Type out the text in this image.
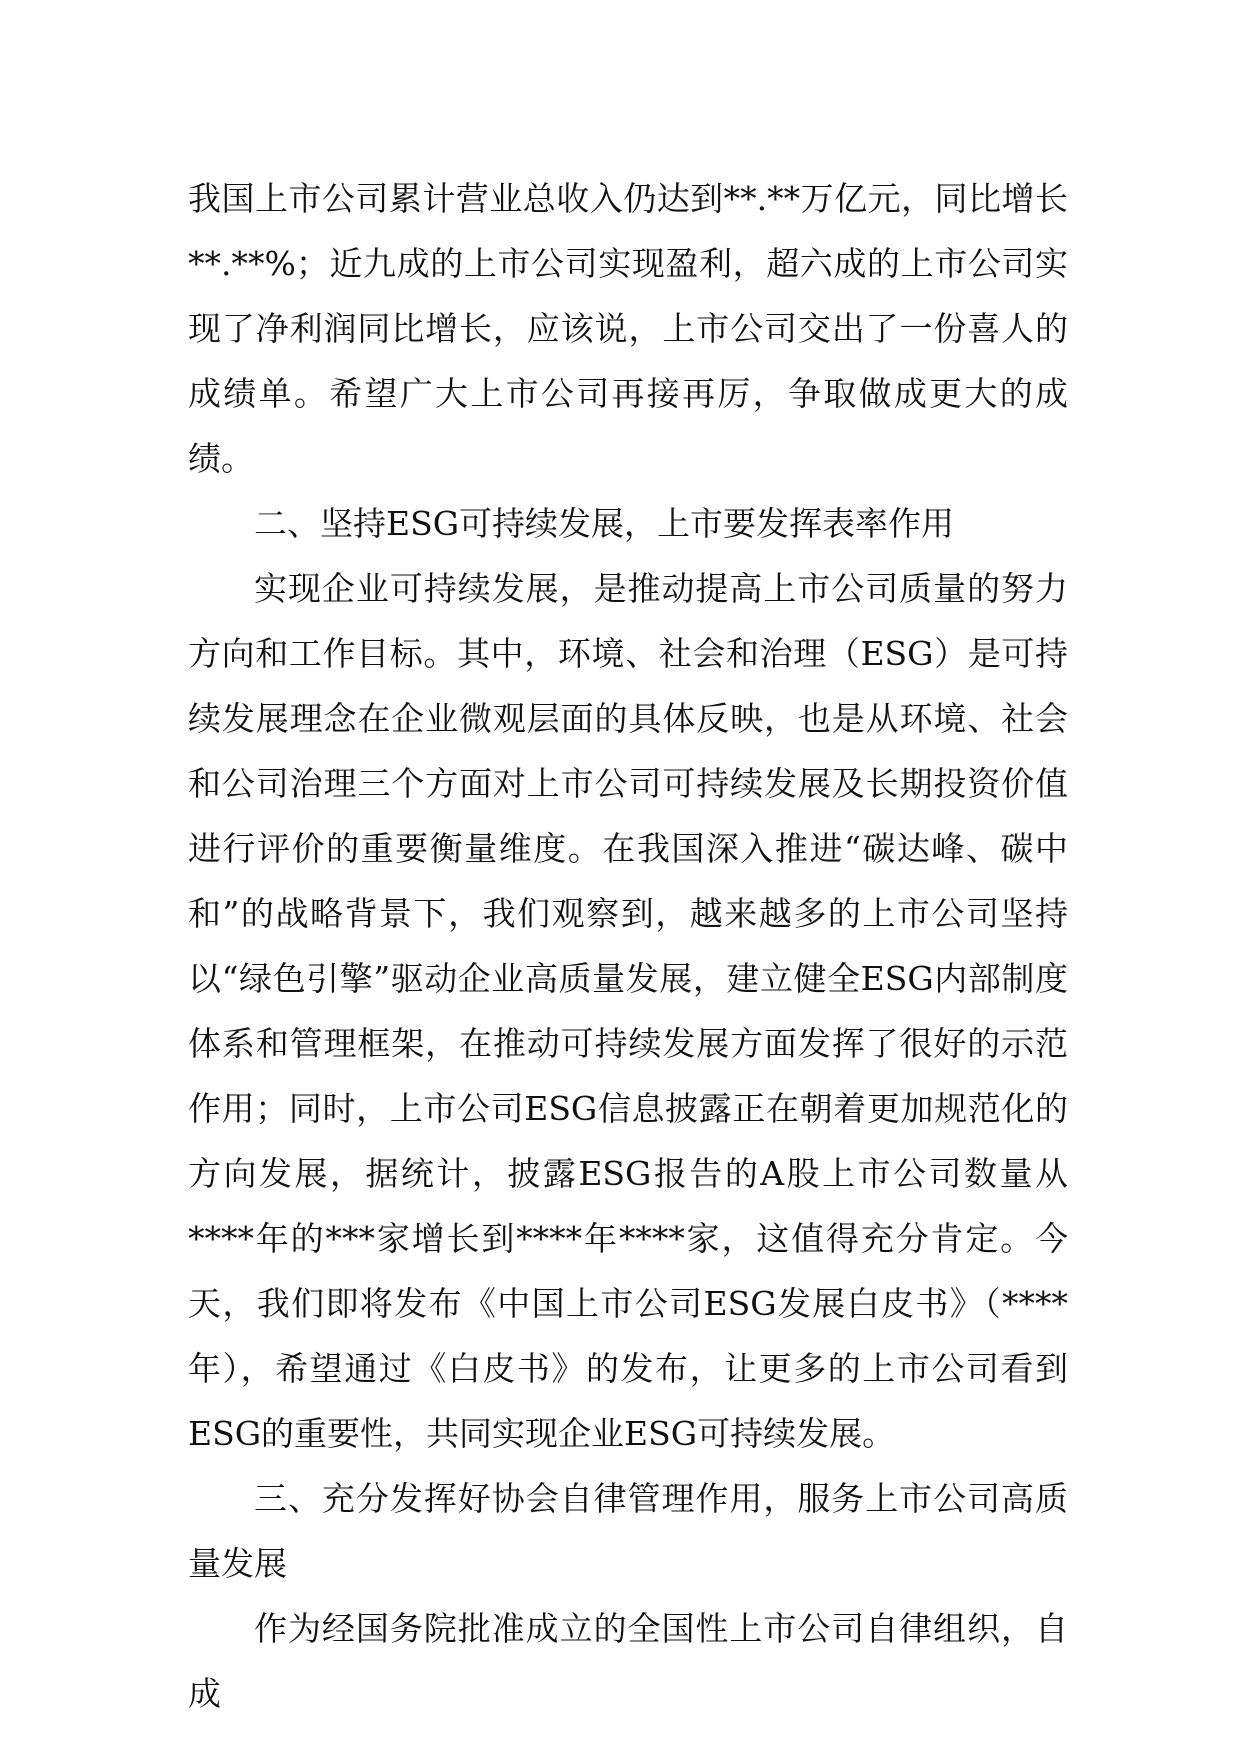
我国上市公司累计营业总收入仍达到**.**万亿元，同比增长**.**%；近九成的上市公司实现盈利，超六成的上市公司实现了净利润同比增长，应该说，上市公司交出了一份喜人的成绩单。希望广大上市公司再接再厉，争取做成更大的成绩。

二、坚持ESG可持续发展，上市要发挥表率作用

实现企业可持续发展，是推动提高上市公司质量的努力方向和工作目标。其中，环境、社会和治理（ESG）是可持续发展理念在企业微观层面的具体反映，也是从环境、社会和公司治理三个方面对上市公司可持续发展及长期投资价值进行评价的重要衡量维度。在我国深入推进“碳达峰、碳中和”的战略背景下，我们观察到，越来越多的上市公司坚持以“绿色引擎”驱动企业高质量发展，建立健全ESG内部制度体系和管理框架，在推动可持续发展方面发挥了很好的示范作用；同时，上市公司ESG信息披露正在朝着更加规范化的方向发展，据统计，披露ESG报告的A股上市公司数量从****年的***家增长到****年****家，这值得充分肯定。今天，我们即将发布《中国上市公司ESG发展白皮书》（****年），希望通过《白皮书》的发布，让更多的上市公司看到ESG的重要性，共同实现企业ESG可持续发展。

三、充分发挥好协会自律管理作用，服务上市公司高质量发展

作为经国务院批准成立的全国性上市公司自律组织，自成
